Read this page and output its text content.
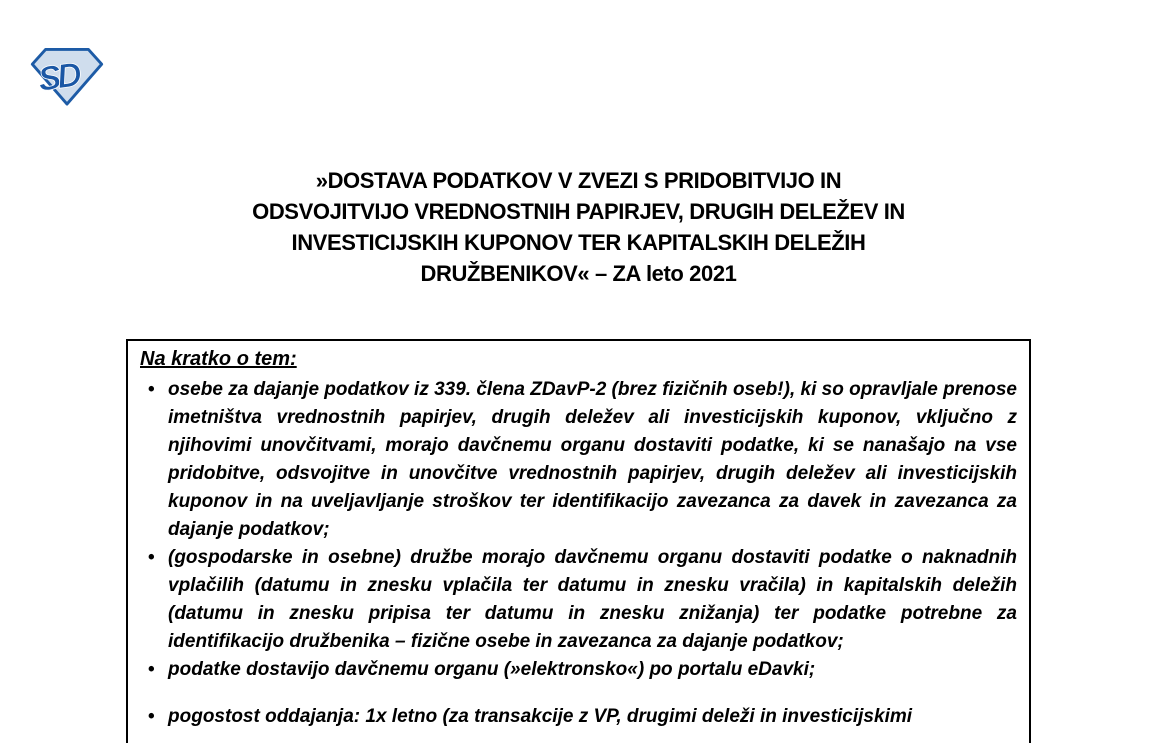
SD
»DOSTAVA PODATKOV V ZVEZI S PRIDOBITVIJO IN
ODSVOJITVIJO VREDNOSTNIH PAPIRJEV, DRUGIH DELEŽEV IN
INVESTICIJSKIH KUPONOV TER KAPITALSKIH DELEŽIH
DRUŽBENIKOV« – ZA leto 2021
Na kratko o tem:
• osebe za dajanje podatkov iz 339. člena ZDavP-2 (brez fizičnih oseb!), ki so opravljale prenose imetništva vrednostnih papirjev, drugih deležev ali investicijskih kuponov, vključno z njihovimi unovčitvami, morajo davčnemu organu dostaviti podatke, ki se nanašajo na vse pridobitve, odsvojitve in unovčitve vrednostnih papirjev, drugih deležev ali investicijskih kuponov in na uveljavljanje stroškov ter identifikacijo zavezanca za davek in zavezanca za dajanje podatkov;
• (gospodarske in osebne) družbe morajo davčnemu organu dostaviti podatke o naknadnih vplačilih (datumu in znesku vplačila ter datumu in znesku vračila) in kapitalskih deležih (datumu in znesku pripisa ter datumu in znesku znižanja) ter podatke potrebne za identifikacijo družbenika – fizične osebe in zavezanca za dajanje podatkov;
• podatke dostavijo davčnemu organu (»elektronsko«) po portalu eDavki;
• pogostost oddajanja: 1x letno (za transakcije z VP, drugimi deleži in investicijskimi
